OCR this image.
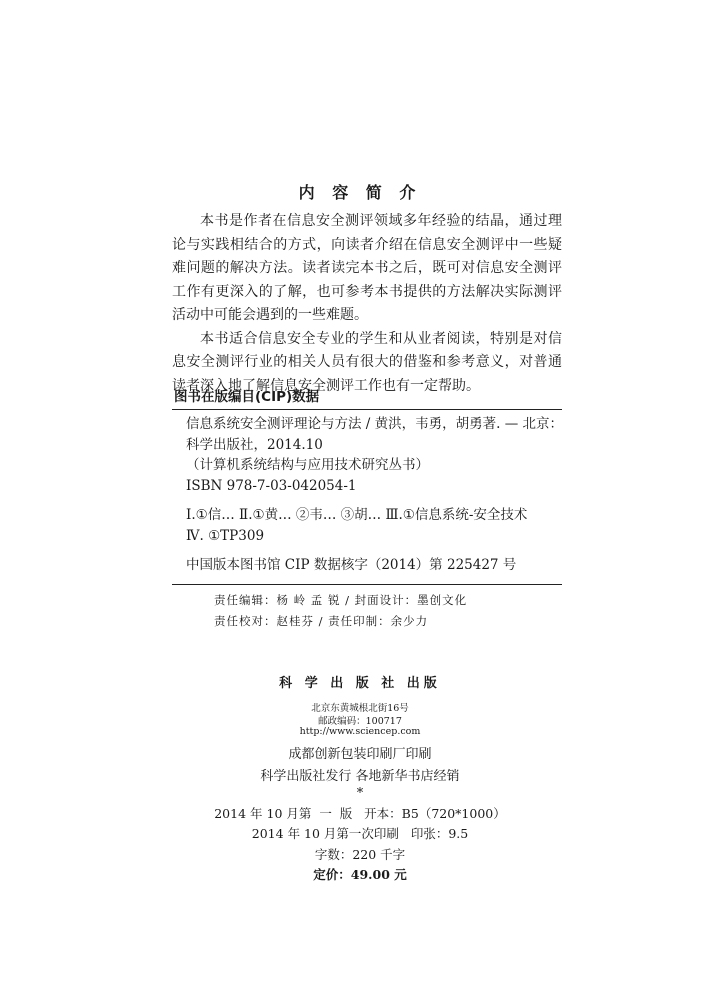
内 容 简 介

本书是作者在信息安全测评领域多年经验的结晶，通过理论与实践相结合的方式，向读者介绍在信息安全测评中一些疑难问题的解决方法。读者读完本书之后，既可对信息安全测评工作有更深入的了解，也可参考本书提供的方法解决实际测评活动中可能会遇到的一些难题。

本书适合信息安全专业的学生和从业者阅读，特别是对信息安全测评行业的相关人员有很大的借鉴和参考意义，对普通读者深入地了解信息安全测评工作也有一定帮助。

图书在版编目(CIP)数据
信息系统安全测评理论与方法 / 黄洪，韦勇，胡勇著. — 北京：
科学出版社，2014.10
（计算机系统结构与应用技术研究丛书）
ISBN 978-7-03-042054-1
Ⅰ.①信… Ⅱ.①黄… ②韦… ③胡… Ⅲ.①信息系统-安全技术
Ⅳ. ①TP309
中国版本图书馆 CIP 数据核字（2014）第 225427 号
责任编辑：杨 岭 孟 锐 / 封面设计：墨创文化
责任校对：赵桂芬 / 责任印制：余少力
科 学 出 版 社 出版
北京东黄城根北街16号
邮政编码：100717
http://www.sciencep.com
成都创新包装印刷厂印刷
科学出版社发行 各地新华书店经销
*
2014 年 10 月第  一  版   开本：B5（720*1000）
2014 年 10 月第一次印刷   印张：9.5
字数：220 千字
定价：49.00 元
